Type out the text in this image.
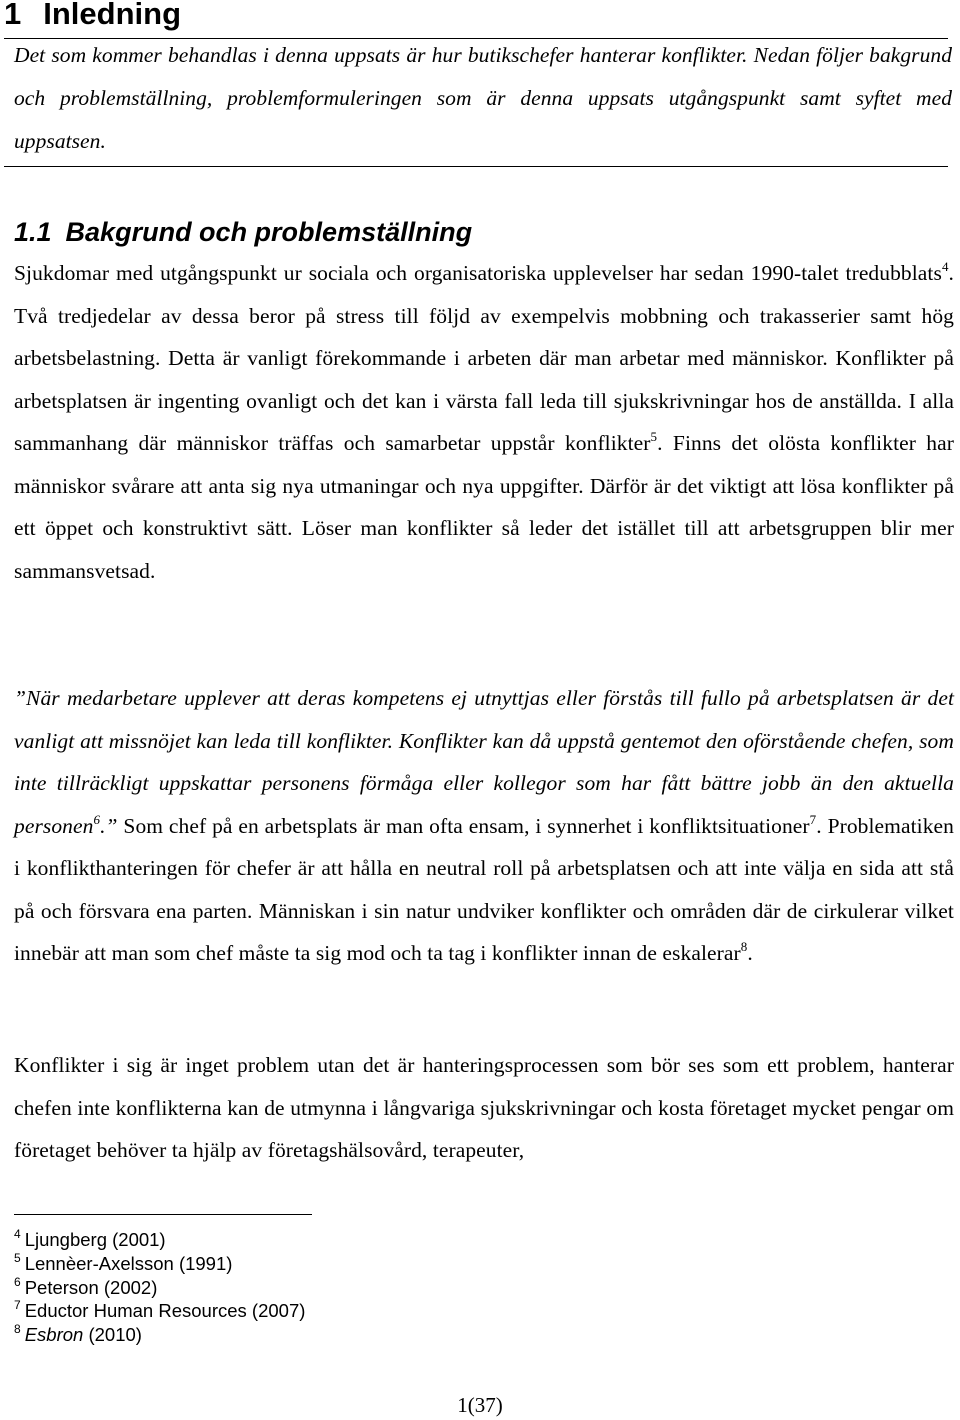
1 Inledning

Det som kommer behandlas i denna uppsats är hur butikschefer hanterar konflikter. Nedan följer bakgrund och problemställning, problemformuleringen som är denna uppsats utgångspunkt samt syftet med uppsatsen.

1.1 Bakgrund och problemställning

Sjukdomar med utgångspunkt ur sociala och organisatoriska upplevelser har sedan 1990-talet tredubblats$^4$. Två tredjedelar av dessa beror på stress till följd av exempelvis mobbning och trakasserier samt hög arbetsbelastning. Detta är vanligt förekommande i arbeten där man arbetar med människor. Konflikter på arbetsplatsen är ingenting ovanligt och det kan i värsta fall leda till sjukskrivningar hos de anställda. I alla sammanhang där människor träffas och samarbetar uppstår konflikter$^5$. Finns det olösta konflikter har människor svårare att anta sig nya utmaningar och nya uppgifter. Därför är det viktigt att lösa konflikter på ett öppet och konstruktivt sätt. Löser man konflikter så leder det istället till att arbetsgruppen blir mer sammansvetsad.

”När medarbetare upplever att deras kompetens ej utnyttjas eller förstås till fullo på arbetsplatsen är det vanligt att missnöjet kan leda till konflikter. Konflikter kan då uppstå gentemot den oförstående chefen, som inte tillräckligt uppskattar personens förmåga eller kollegor som har fått bättre jobb än den aktuella personen$^6$.” Som chef på en arbetsplats är man ofta ensam, i synnerhet i konfliktsituationer$^7$. Problematiken i konflikthanteringen för chefer är att hålla en neutral roll på arbetsplatsen och att inte välja en sida att stå på och försvara ena parten. Människan i sin natur undviker konflikter och områden där de cirkulerar vilket innebär att man som chef måste ta sig mod och ta tag i konflikter innan de eskalerar$^8$.

Konflikter i sig är inget problem utan det är hanteringsprocessen som bör ses som ett problem, hanterar chefen inte konflikterna kan de utmynna i långvariga sjukskrivningar och kosta företaget mycket pengar om företaget behöver ta hjälp av företagshälsovård, terapeuter,

$^4$ Ljungberg (2001)
$^5$ Lennèer-Axelsson (1991)
$^6$ Peterson (2002)
$^7$ Eductor Human Resources (2007)
$^8$ Esbron (2010)
1(37)
